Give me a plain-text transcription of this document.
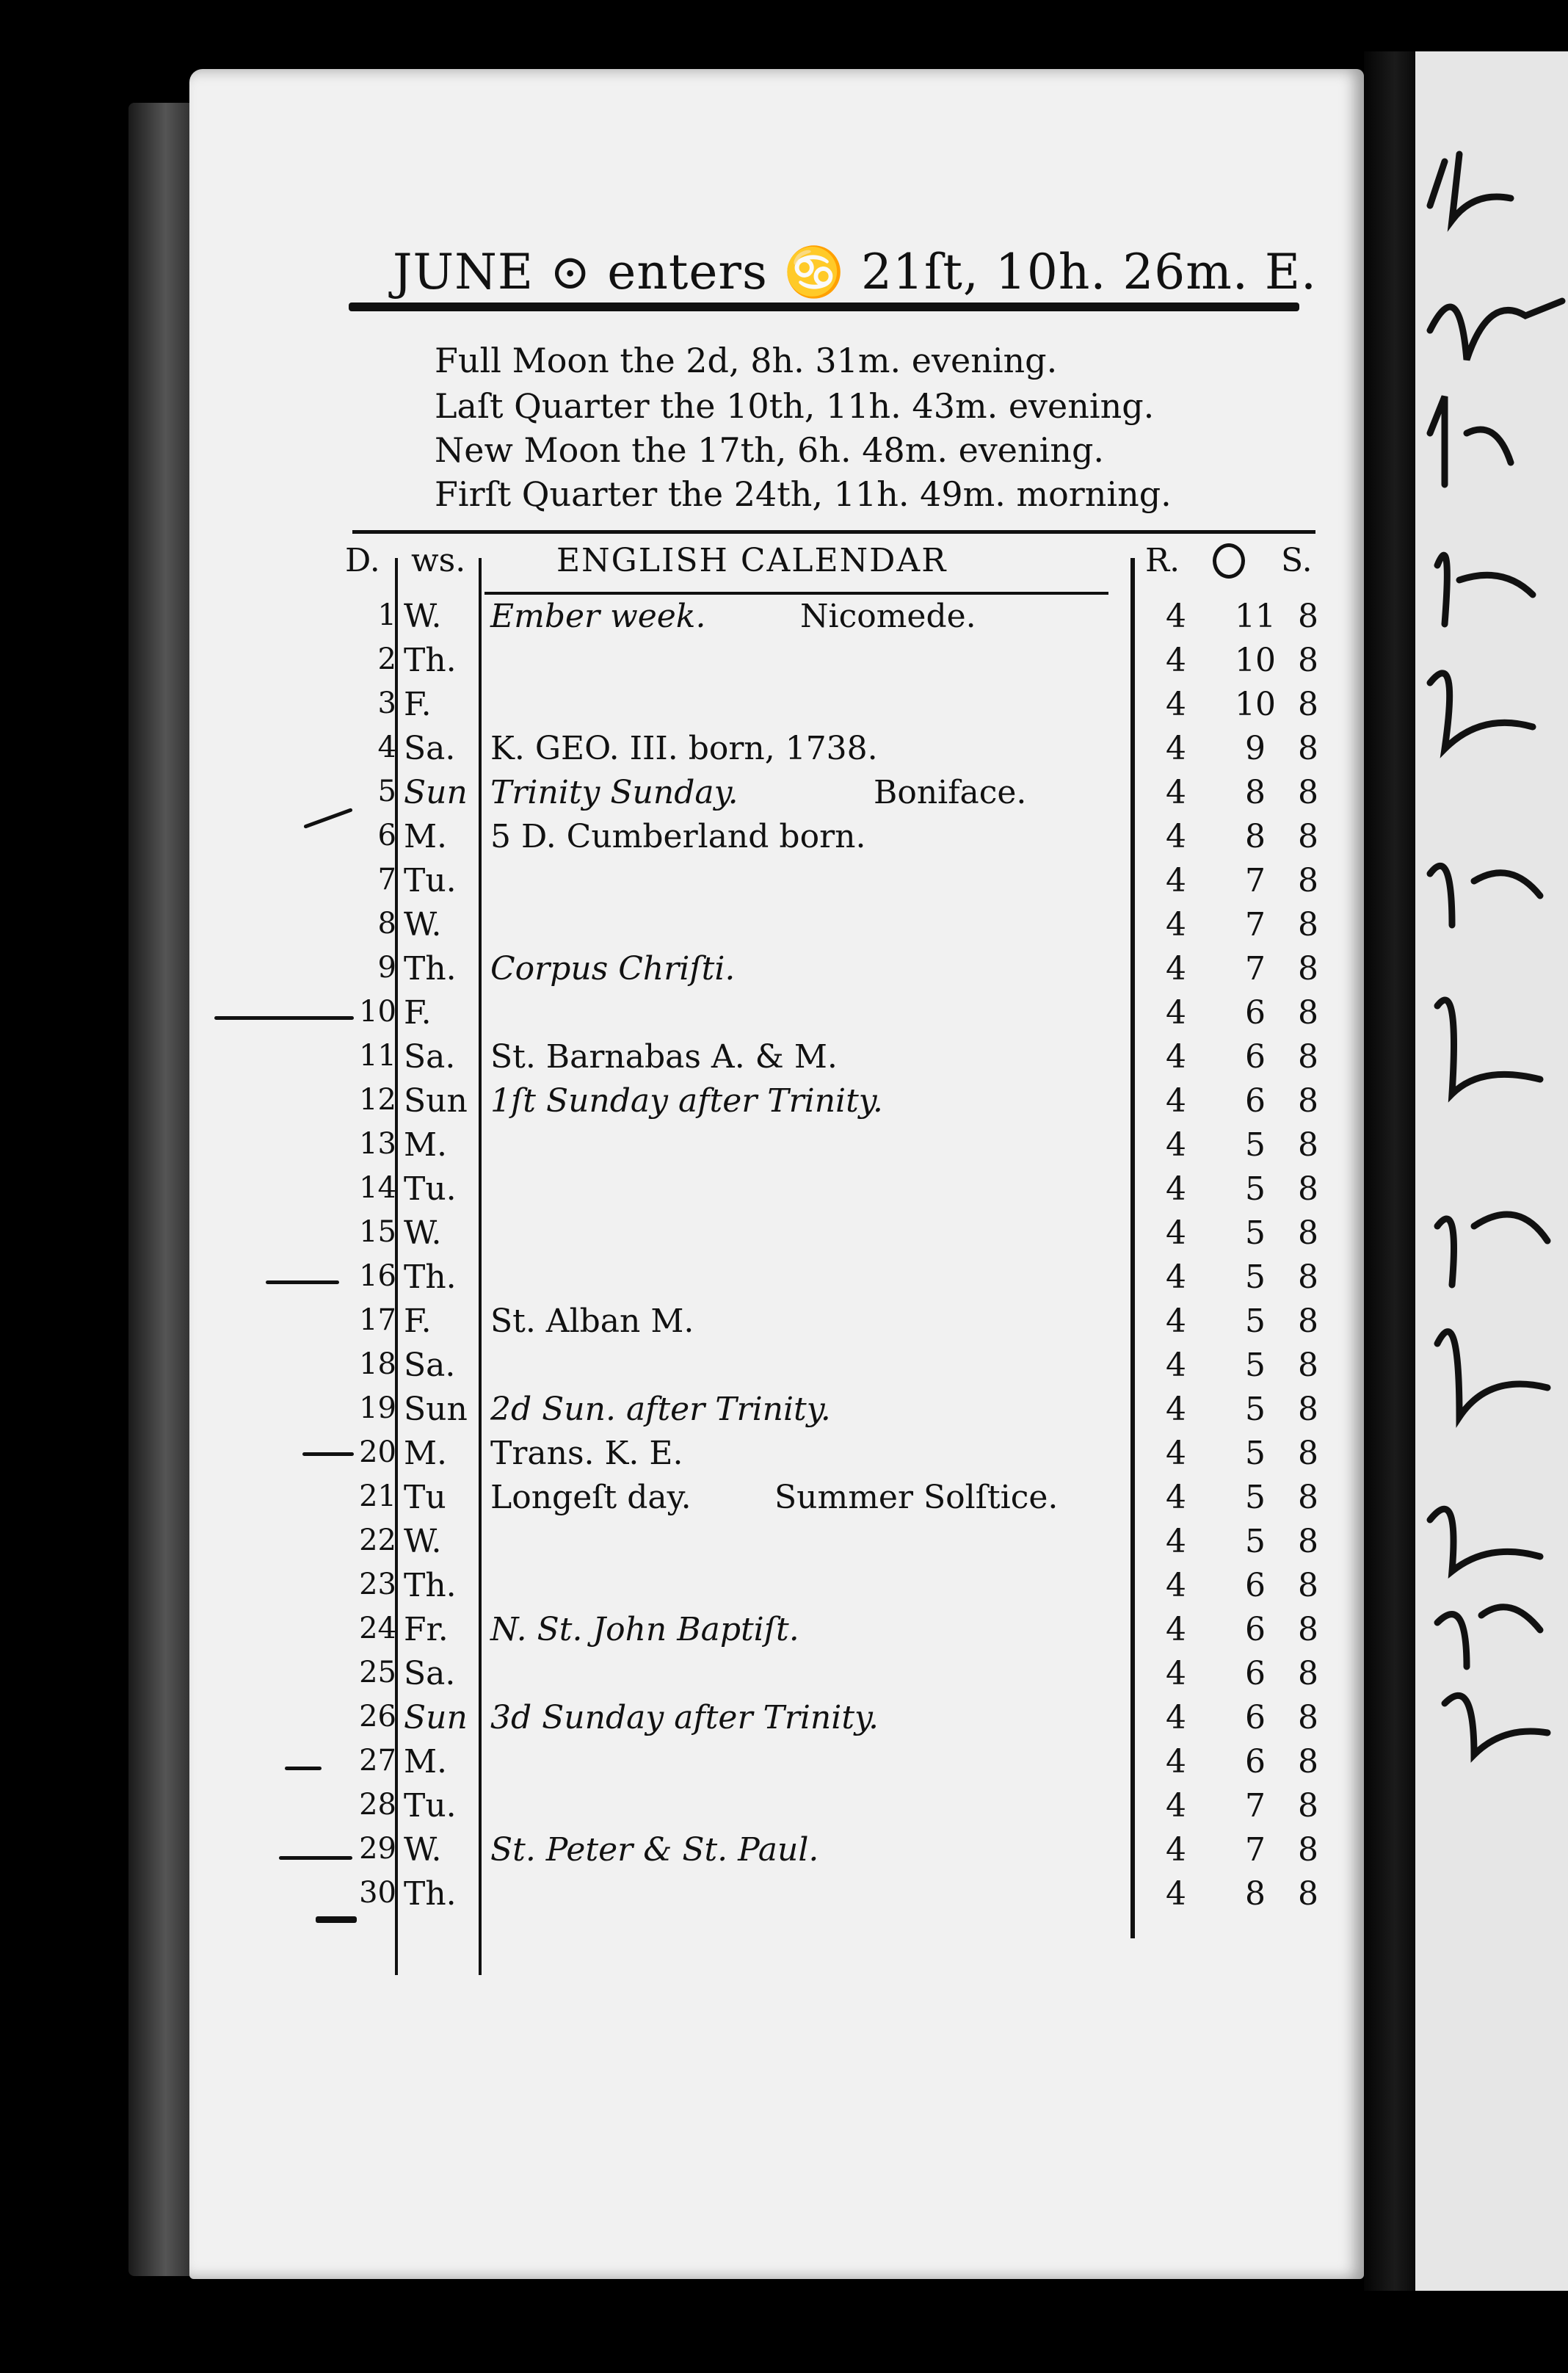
JUNE ⊙ enters ♋ 21ſt, 10h. 26m. E.
Full Moon the 2d, 8h. 31m. evening.
Laſt Quarter the 10th, 11h. 43m. evening.
New Moon the 17th, 6h. 48m. evening.
Firſt Quarter the 24th, 11h. 49m. morning.
D. ws.	ENGLISH CALENDAR	R.	S.
1 W. Ember week.	Nicomede.	4 11 8
2 Th.	4 10 8
3 F.	4 10 8
4 Sa. K. GEO. III. born, 1738.	4	9	8
5 Sun Trinity Sunday.	Boniface.	4	8	8
6 M. 5 D. Cumberland born.	4	8	8
7 Tu.	4	7	8
8 W.	4	7	8
9 Th. Corpus Chriſti.	4	7	8
10 F.	4	6	8
11 Sa. St. Barnabas A. & M.	4	6	8
12 Sun 1ſt Sunday after Trinity.	4	6	8
13 M.	4	5	8
14 Tu.	4	5	8
15 W.	4	5	8
16 Th.	4	5	8
17 F. St. Alban M.	4	5	8
18 Sa.	4	5	8
19 Sun 2d Sun. after Trinity.	4	5	8
20 M. Trans. K. E.	4	5	8
21 Tu Longeſt day.	Summer Solſtice.	4	5	8
22 W.	4	5	8
23 Th.	4	6	8
24 Fr. N. St. John Baptiſt.	4	6	8
25 Sa.	4	6	8
26 Sun 3d Sunday after Trinity.	4	6	8
27 M.	4	6	8
28 Tu.	4	7	8
29 W. St. Peter & St. Paul.	4	7	8
30 Th.	4	8	8
